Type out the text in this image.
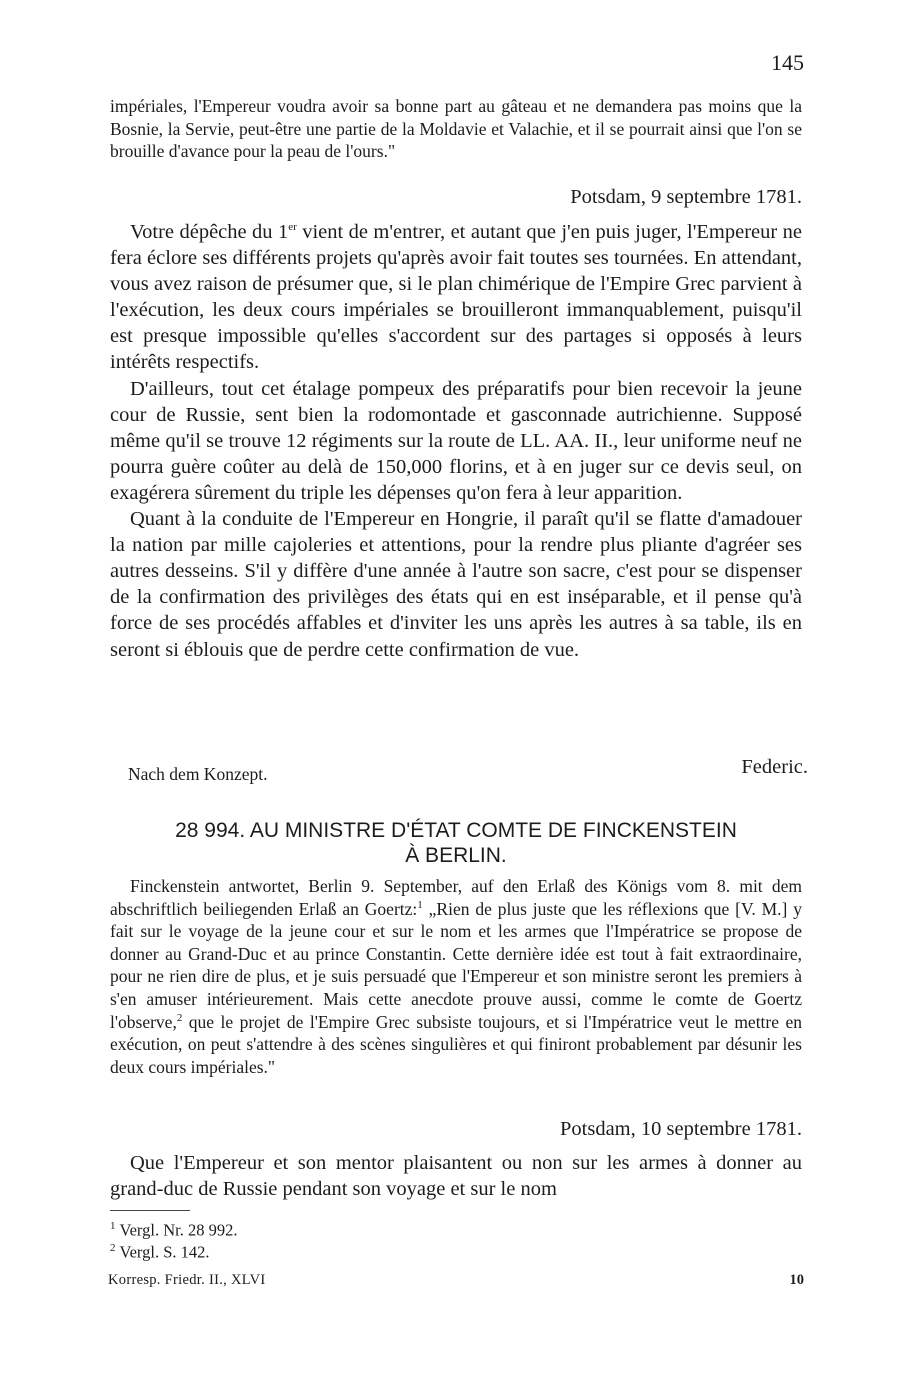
145

impériales, l'Empereur voudra avoir sa bonne part au gâteau et ne demandera pas moins que la Bosnie, la Servie, peut-être une partie de la Moldavie et Valachie, et il se pourrait ainsi que l'on se brouille d'avance pour la peau de l'ours."

Potsdam, 9 septembre 1781.

Votre dépêche du 1er vient de m'entrer, et autant que j'en puis juger, l'Empereur ne fera éclore ses différents projets qu'après avoir fait toutes ses tournées. En attendant, vous avez raison de présumer que, si le plan chimérique de l'Empire Grec parvient à l'exécution, les deux cours impériales se brouilleront immanquablement, puisqu'il est presque impossible qu'elles s'accordent sur des partages si opposés à leurs intérêts respectifs.

D'ailleurs, tout cet étalage pompeux des préparatifs pour bien recevoir la jeune cour de Russie, sent bien la rodomontade et gasconnade autrichienne. Supposé même qu'il se trouve 12 régiments sur la route de LL. AA. II., leur uniforme neuf ne pourra guère coûter au delà de 150,000 florins, et à en juger sur ce devis seul, on exagérera sûrement du triple les dépenses qu'on fera à leur apparition.

Quant à la conduite de l'Empereur en Hongrie, il paraît qu'il se flatte d'amadouer la nation par mille cajoleries et attentions, pour la rendre plus pliante d'agréer ses autres desseins. S'il y diffère d'une année à l'autre son sacre, c'est pour se dispenser de la confirmation des privilèges des états qui en est inséparable, et il pense qu'à force de ses procédés affables et d'inviter les uns après les autres à sa table, ils en seront si éblouis que de perdre cette confirmation de vue.

Nach dem Konzept.	Federic.

28 994. AU MINISTRE D'ÉTAT COMTE DE FINCKENSTEIN

À BERLIN.

Finckenstein antwortet, Berlin 9. September, auf den Erlaß des Königs vom 8. mit dem abschriftlich beiliegenden Erlaß an Goertz:$^1$ „Rien de plus juste que les réflexions que [V. M.] y fait sur le voyage de la jeune cour et sur le nom et les armes que l'Impératrice se propose de donner au Grand-Duc et au prince Constantin. Cette dernière idée est tout à fait extraordinaire, pour ne rien dire de plus, et je suis persuadé que l'Empereur et son ministre seront les premiers à s'en amuser intérieurement. Mais cette anecdote prouve aussi, comme le comte de Goertz l'observe,$^2$ que le projet de l'Empire Grec subsiste toujours, et si l'Impératrice veut le mettre en exécution, on peut s'attendre à des scènes singulières et qui finiront probablement par désunir les deux cours impériales."

Potsdam, 10 septembre 1781.

Que l'Empereur et son mentor plaisantent ou non sur les armes à donner au grand-duc de Russie pendant son voyage et sur le nom

$^1$ Vergl. Nr. 28 992.
$^2$ Vergl. S. 142.
Korresp. Friedr. II., XLVI	10
